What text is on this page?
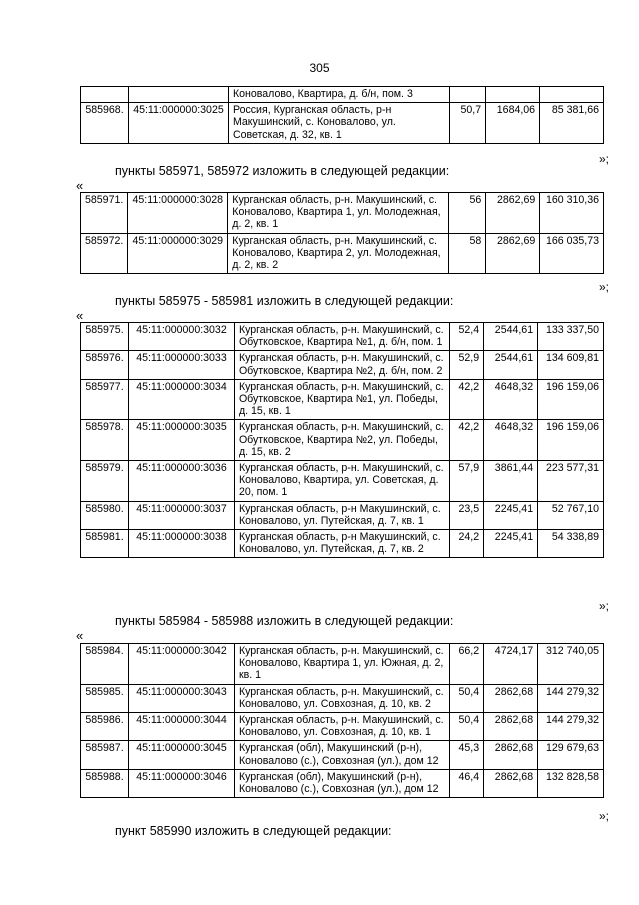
305
		Коновалово, Квартира, д. б/н, пом. 3			
585968.	45:11:000000:3025	Россия, Курганская область, р-н Макушинский, с. Коновалово, ул. Советская, д. 32, кв. 1	50,7	1684,06	85 381,66
»;
пункты 585971, 585972 изложить в следующей редакции:
«
585971.	45:11:000000:3028	Курганская область, р-н. Макушинский, с. Коновалово, Квартира 1, ул. Молодежная, д. 2, кв. 1	56	2862,69	160 310,36
585972.	45:11:000000:3029	Курганская область, р-н. Макушинский, с. Коновалово, Квартира 2, ул. Молодежная, д. 2, кв. 2	58	2862,69	166 035,73
»;
пункты 585975 - 585981 изложить в следующей редакции:
«
585975.	45:11:000000:3032	Курганская область, р-н. Макушинский, с. Обутковское, Квартира №1, д. б/н, пом. 1	52,4	2544,61	133 337,50
585976.	45:11:000000:3033	Курганская область, р-н. Макушинский, с. Обутковское, Квартира №2, д. б/н, пом. 2	52,9	2544,61	134 609,81
585977.	45:11:000000:3034	Курганская область, р-н. Макушинский, с. Обутковское, Квартира №1, ул. Победы, д. 15, кв. 1	42,2	4648,32	196 159,06
585978.	45:11:000000:3035	Курганская область, р-н. Макушинский, с. Обутковское, Квартира №2, ул. Победы, д. 15, кв. 2	42,2	4648,32	196 159,06
585979.	45:11:000000:3036	Курганская область, р-н. Макушинский, с. Коновалово, Квартира, ул. Советская, д. 20, пом. 1	57,9	3861,44	223 577,31
585980.	45:11:000000:3037	Курганская область, р-н Макушинский, с. Коновалово, ул. Путейская, д. 7, кв. 1	23,5	2245,41	52 767,10
585981.	45:11:000000:3038	Курганская область, р-н Макушинский, с. Коновалово, ул. Путейская, д. 7, кв. 2	24,2	2245,41	54 338,89
»;
пункты 585984 - 585988 изложить в следующей редакции:
«
585984.	45:11:000000:3042	Курганская область, р-н. Макушинский, с. Коновалово, Квартира 1, ул. Южная, д. 2, кв. 1	66,2	4724,17	312 740,05
585985.	45:11:000000:3043	Курганская область, р-н. Макушинский, с. Коновалово, ул. Совхозная, д. 10, кв. 2	50,4	2862,68	144 279,32
585986.	45:11:000000:3044	Курганская область, р-н. Макушинский, с. Коновалово, ул. Совхозная, д. 10, кв. 1	50,4	2862,68	144 279,32
585987.	45:11:000000:3045	Курганская (обл), Макушинский (р-н), Коновалово (с.), Совхозная (ул.), дом 12	45,3	2862,68	129 679,63
585988.	45:11:000000:3046	Курганская (обл), Макушинский (р-н), Коновалово (с.), Совхозная (ул.), дом 12	46,4	2862,68	132 828,58
»;
пункт 585990 изложить в следующей редакции:
